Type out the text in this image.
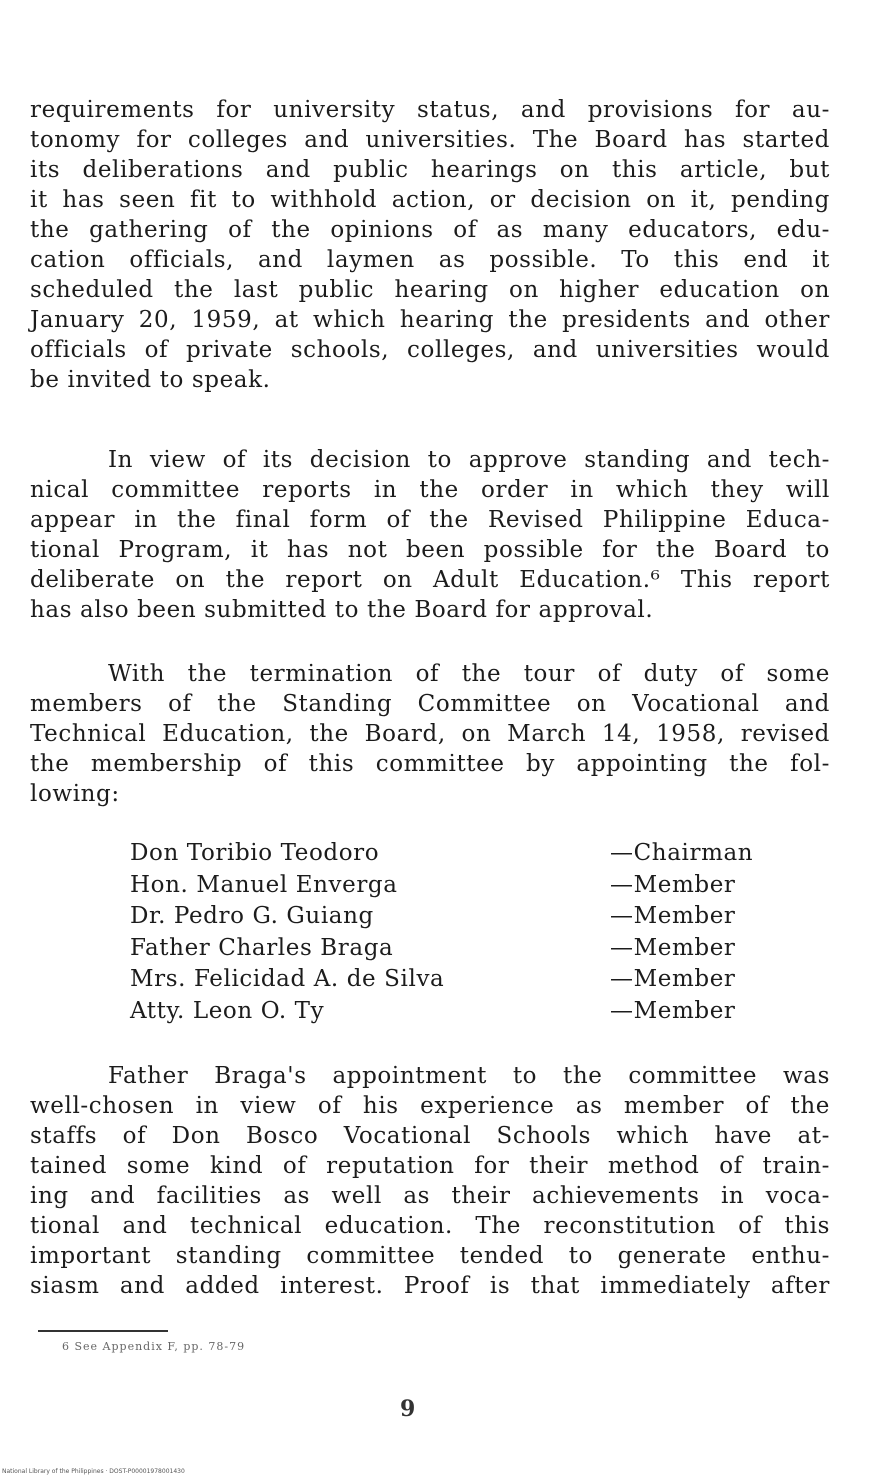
requirements for university status, and provisions for au-
tonomy for colleges and universities. The Board has started
its deliberations and public hearings on this article, but
it has seen fit to withhold action, or decision on it, pending
the gathering of the opinions of as many educators, edu-
cation officials, and laymen as possible. To this end it
scheduled the last public hearing on higher education on
January 20, 1959, at which hearing the presidents and other
officials of private schools, colleges, and universities would
be invited to speak.
In view of its decision to approve standing and tech-
nical committee reports in the order in which they will
appear in the final form of the Revised Philippine Educa-
tional Program, it has not been possible for the Board to
deliberate on the report on Adult Education.⁶ This report
has also been submitted to the Board for approval.
With the termination of the tour of duty of some
members of the Standing Committee on Vocational and
Technical Education, the Board, on March 14, 1958, revised
the membership of this committee by appointing the fol-
lowing:
Don Toribio Teodoro	—Chairman
Hon. Manuel Enverga	—Member
Dr. Pedro G. Guiang	—Member
Father Charles Braga	—Member
Mrs. Felicidad A. de Silva	—Member
Atty. Leon O. Ty	—Member
Father Braga's appointment to the committee was
well-chosen in view of his experience as member of the
staffs of Don Bosco Vocational Schools which have at-
tained some kind of reputation for their method of train-
ing and facilities as well as their achievements in voca-
tional and technical education. The reconstitution of this
important standing committee tended to generate enthu-
siasm and added interest. Proof is that immediately after
6 See Appendix F, pp. 78-79
9
National Library of the Philippines · DOST-P00001978001430
